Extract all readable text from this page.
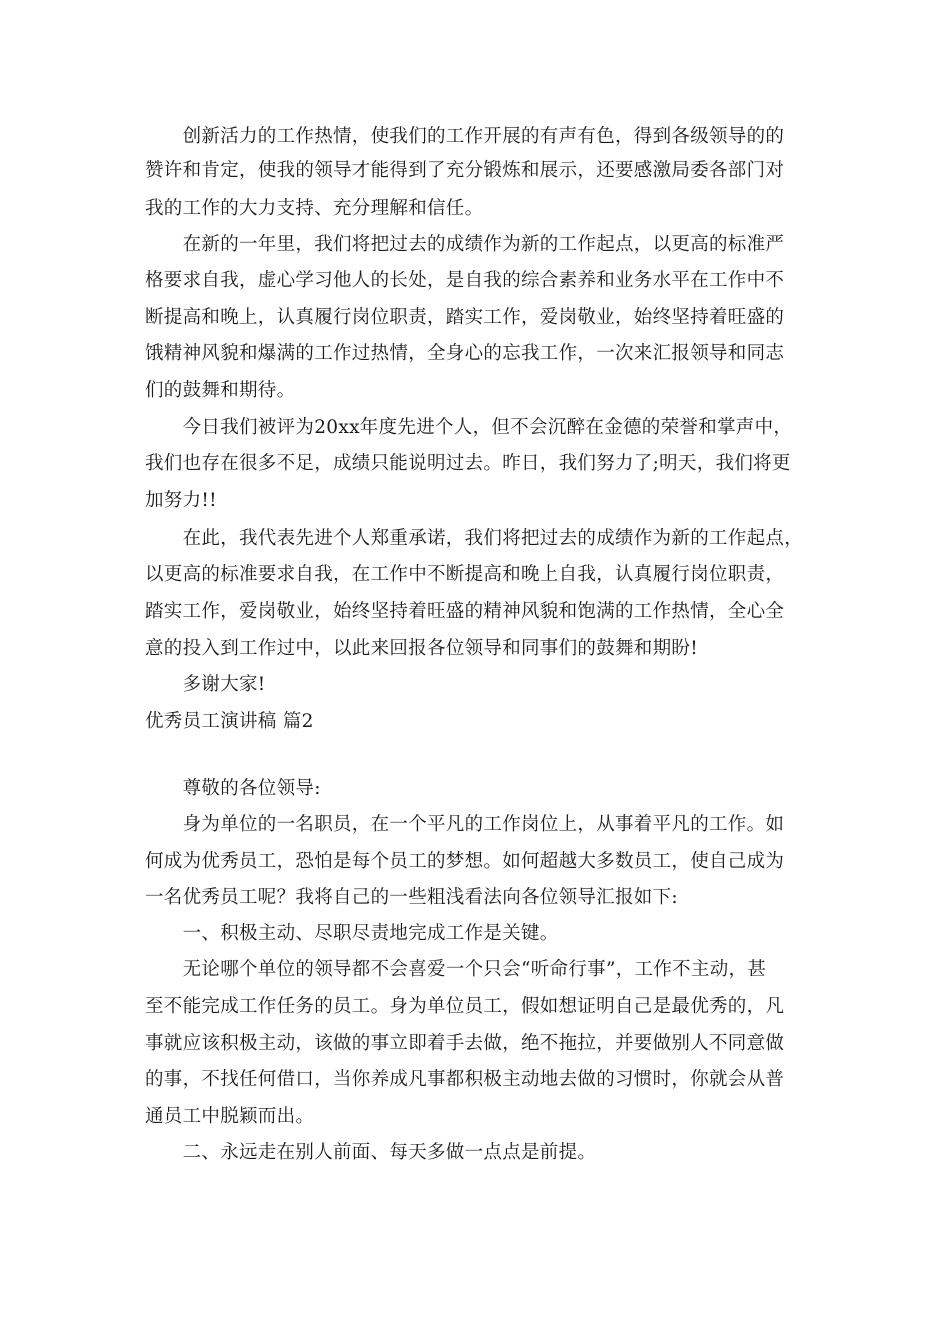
　　创新活力的工作热情，使我们的工作开展的有声有色，得到各级领导的的
赞许和肯定，使我的领导才能得到了充分锻炼和展示，还要感激局委各部门对
我的工作的大力支持、充分理解和信任。
　　在新的一年里，我们将把过去的成绩作为新的工作起点，以更高的标准严
格要求自我，虚心学习他人的长处，是自我的综合素养和业务水平在工作中不
断提高和晚上，认真履行岗位职责，踏实工作，爱岗敬业，始终坚持着旺盛的
饿精神风貌和爆满的工作过热情，全身心的忘我工作，一次来汇报领导和同志
们的鼓舞和期待。
　　今日我们被评为20xx年度先进个人，但不会沉醉在金德的荣誉和掌声中，
我们也存在很多不足，成绩只能说明过去。昨日，我们努力了;明天，我们将更
加努力!!
　　在此，我代表先进个人郑重承诺，我们将把过去的成绩作为新的工作起点，
以更高的标准要求自我，在工作中不断提高和晚上自我，认真履行岗位职责，
踏实工作，爱岗敬业，始终坚持着旺盛的精神风貌和饱满的工作热情，全心全
意的投入到工作过中，以此来回报各位领导和同事们的鼓舞和期盼!
　　多谢大家!
优秀员工演讲稿 篇2
　　尊敬的各位领导:
　　身为单位的一名职员，在一个平凡的工作岗位上，从事着平凡的工作。如
何成为优秀员工，恐怕是每个员工的梦想。如何超越大多数员工，使自己成为
一名优秀员工呢？我将自己的一些粗浅看法向各位领导汇报如下:
　　一、积极主动、尽职尽责地完成工作是关键。
　　无论哪个单位的领导都不会喜爱一个只会“听命行事”，工作不主动，甚
至不能完成工作任务的员工。身为单位员工，假如想证明自己是最优秀的，凡
事就应该积极主动，该做的事立即着手去做，绝不拖拉，并要做别人不同意做
的事，不找任何借口，当你养成凡事都积极主动地去做的习惯时，你就会从普
通员工中脱颖而出。
　　二、永远走在别人前面、每天多做一点点是前提。
